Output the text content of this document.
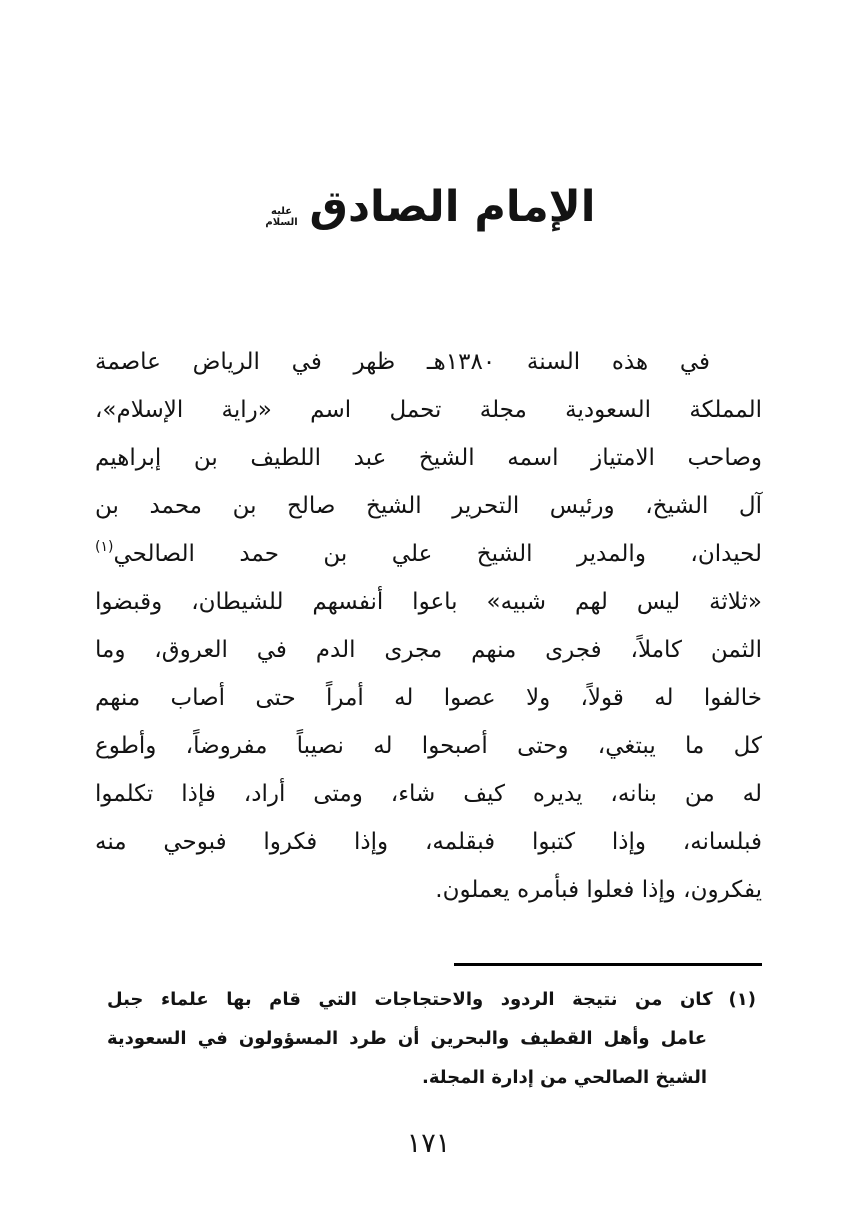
الإمام الصادقعليه السلام
في هذه السنة ١٣٨٠هـ ظهر في الرياض عاصمة
المملكة السعودية مجلة تحمل اسم «راية الإسلام»،
وصاحب الامتياز اسمه الشيخ عبد اللطيف بن إبراهيم
آل الشيخ، ورئيس التحرير الشيخ صالح بن محمد بن
لحيدان، والمدير الشيخ علي بن حمد الصالحي$^{(١)}$
«ثلاثة ليس لهم شبيه» باعوا أنفسهم للشيطان، وقبضوا
الثمن كاملاً، فجرى منهم مجرى الدم في العروق، وما
خالفوا له قولاً، ولا عصوا له أمراً حتى أصاب منهم
كل ما يبتغي، وحتى أصبحوا له نصيباً مفروضاً، وأطوع
له من بنانه، يديره كيف شاء، ومتى أراد، فإذا تكلموا
فبلسانه، وإذا كتبوا فبقلمه، وإذا فكروا فبوحي منه
يفكرون، وإذا فعلوا فبأمره يعملون.
(١)كان من نتيجة الردود والاحتجاجات التي قام بها علماء جبل
عامل وأهل القطيف والبحرين أن طرد المسؤولون في السعودية
الشيخ الصالحي من إدارة المجلة.
١٧١
